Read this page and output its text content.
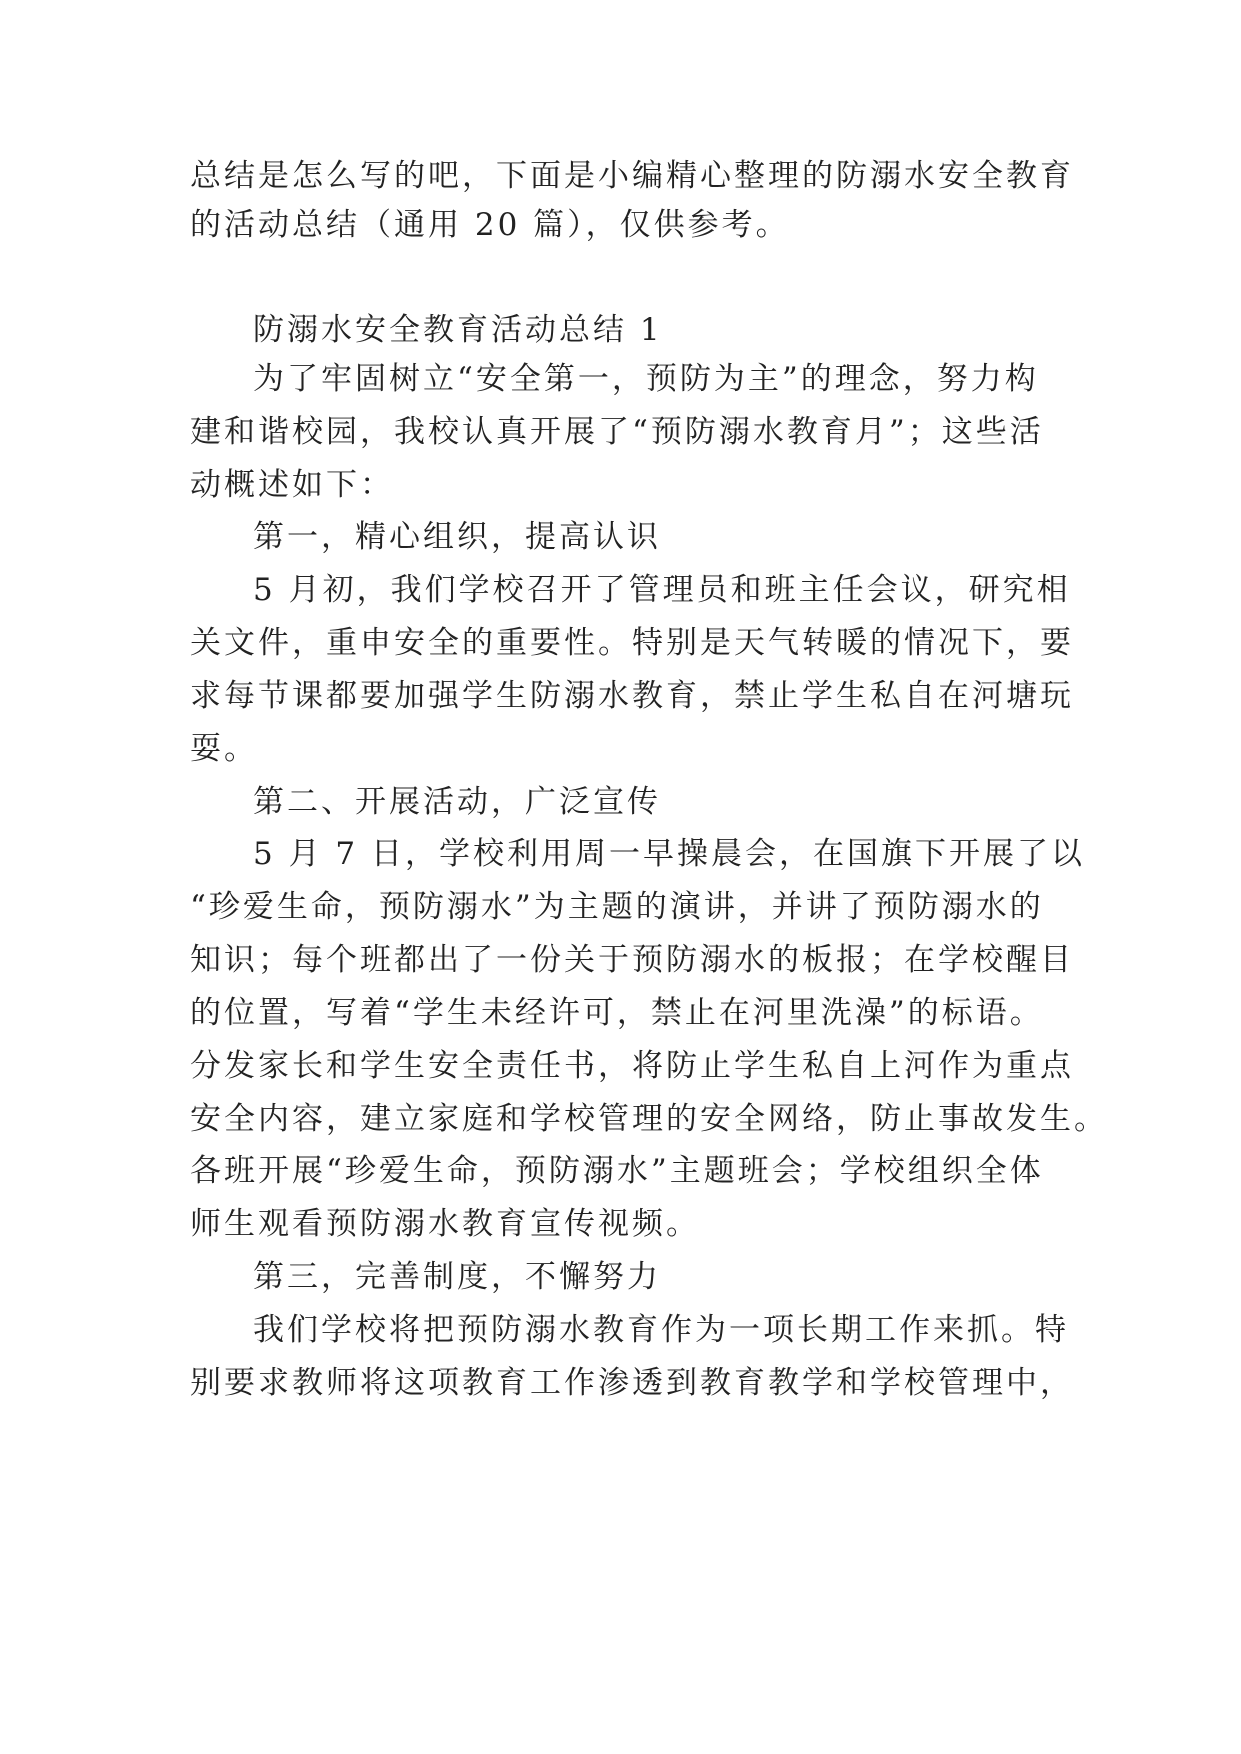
总结是怎么写的吧，下面是小编精心整理的防溺水安全教育
的活动总结（通用 20 篇），仅供参考。
防溺水安全教育活动总结 1
为了牢固树立“安全第一，预防为主”的理念，努力构
建和谐校园，我校认真开展了“预防溺水教育月”；这些活
动概述如下：
第一，精心组织，提高认识
5 月初，我们学校召开了管理员和班主任会议，研究相
关文件，重申安全的重要性。特别是天气转暖的情况下，要
求每节课都要加强学生防溺水教育，禁止学生私自在河塘玩
耍。
第二、开展活动，广泛宣传
5 月 7 日，学校利用周一早操晨会，在国旗下开展了以
“珍爱生命，预防溺水”为主题的演讲，并讲了预防溺水的
知识；每个班都出了一份关于预防溺水的板报；在学校醒目
的位置，写着“学生未经许可，禁止在河里洗澡”的标语。
分发家长和学生安全责任书，将防止学生私自上河作为重点
安全内容，建立家庭和学校管理的安全网络，防止事故发生。
各班开展“珍爱生命，预防溺水”主题班会；学校组织全体
师生观看预防溺水教育宣传视频。
第三，完善制度，不懈努力
我们学校将把预防溺水教育作为一项长期工作来抓。特
别要求教师将这项教育工作渗透到教育教学和学校管理中，
